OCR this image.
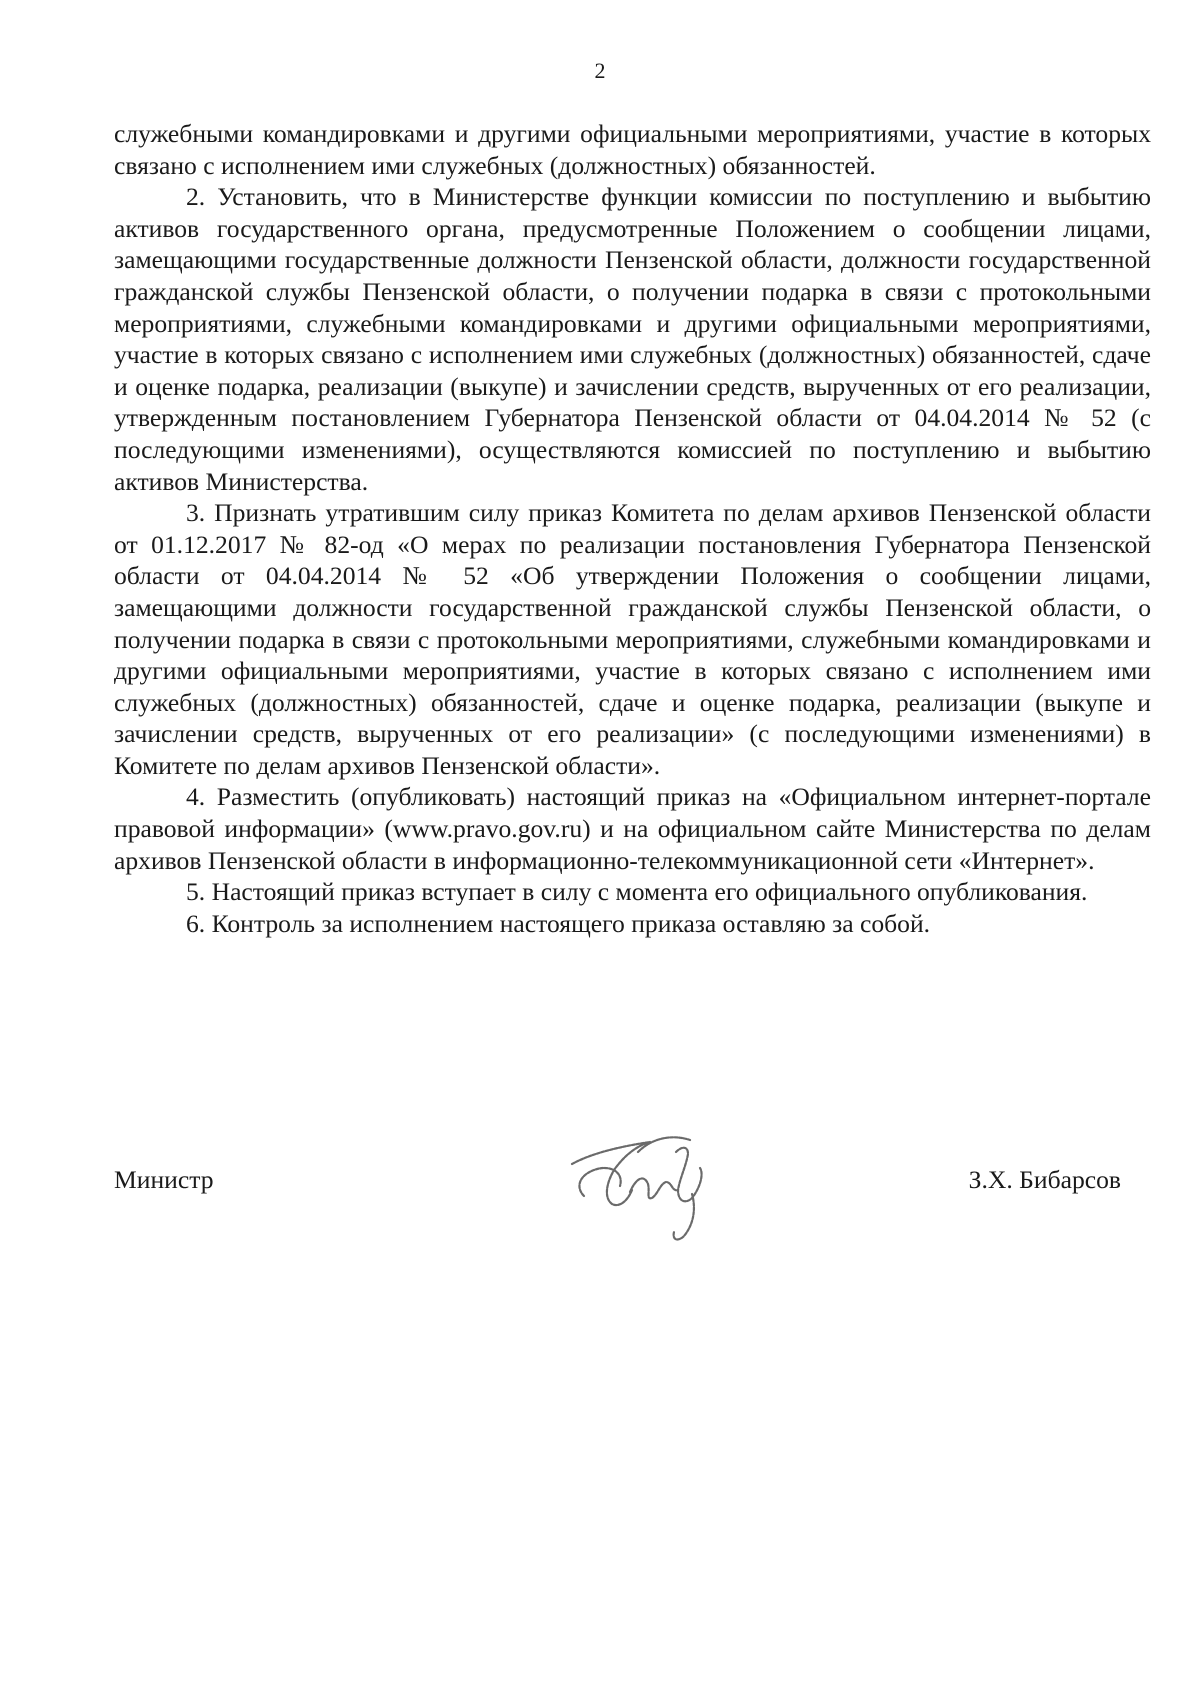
2

служебными командировками и другими официальными мероприятиями, участие в которых связано с исполнением ими служебных (должностных) обязанностей.

2. Установить, что в Министерстве функции комиссии по поступлению и выбытию активов государственного органа, предусмотренные Положением о сообщении лицами, замещающими государственные должности Пензенской области, должности государственной гражданской службы Пензенской области, о получении подарка в связи с протокольными мероприятиями, служебными командировками и другими официальными мероприятиями, участие в которых связано с исполнением ими служебных (должностных) обязанностей, сдаче и оценке подарка, реализации (выкупе) и зачислении средств, вырученных от его реализации, утвержденным постановлением Губернатора Пензенской области от 04.04.2014 № 52 (с последующими изменениями), осуществляются комиссией по поступлению и выбытию активов Министерства.

3. Признать утратившим силу приказ Комитета по делам архивов Пензенской области от 01.12.2017 № 82-од «О мерах по реализации постановления Губернатора Пензенской области от 04.04.2014 № 52 «Об утверждении Положения о сообщении лицами, замещающими должности государственной гражданской службы Пензенской области, о получении подарка в связи с протокольными мероприятиями, служебными командировками и другими официальными мероприятиями, участие в которых связано с исполнением ими служебных (должностных) обязанностей, сдаче и оценке подарка, реализации (выкупе и зачислении средств, вырученных от его реализации» (с последующими изменениями) в Комитете по делам архивов Пензенской области».

4. Разместить (опубликовать) настоящий приказ на «Официальном интернет-портале правовой информации» (www.pravo.gov.ru) и на официальном сайте Министерства по делам архивов Пензенской области в информационно-телекоммуникационной сети «Интернет».

5. Настоящий приказ вступает в силу с момента его официального опубликования.

6. Контроль за исполнением настоящего приказа оставляю за собой.

Министр	З.Х. Бибарсов
